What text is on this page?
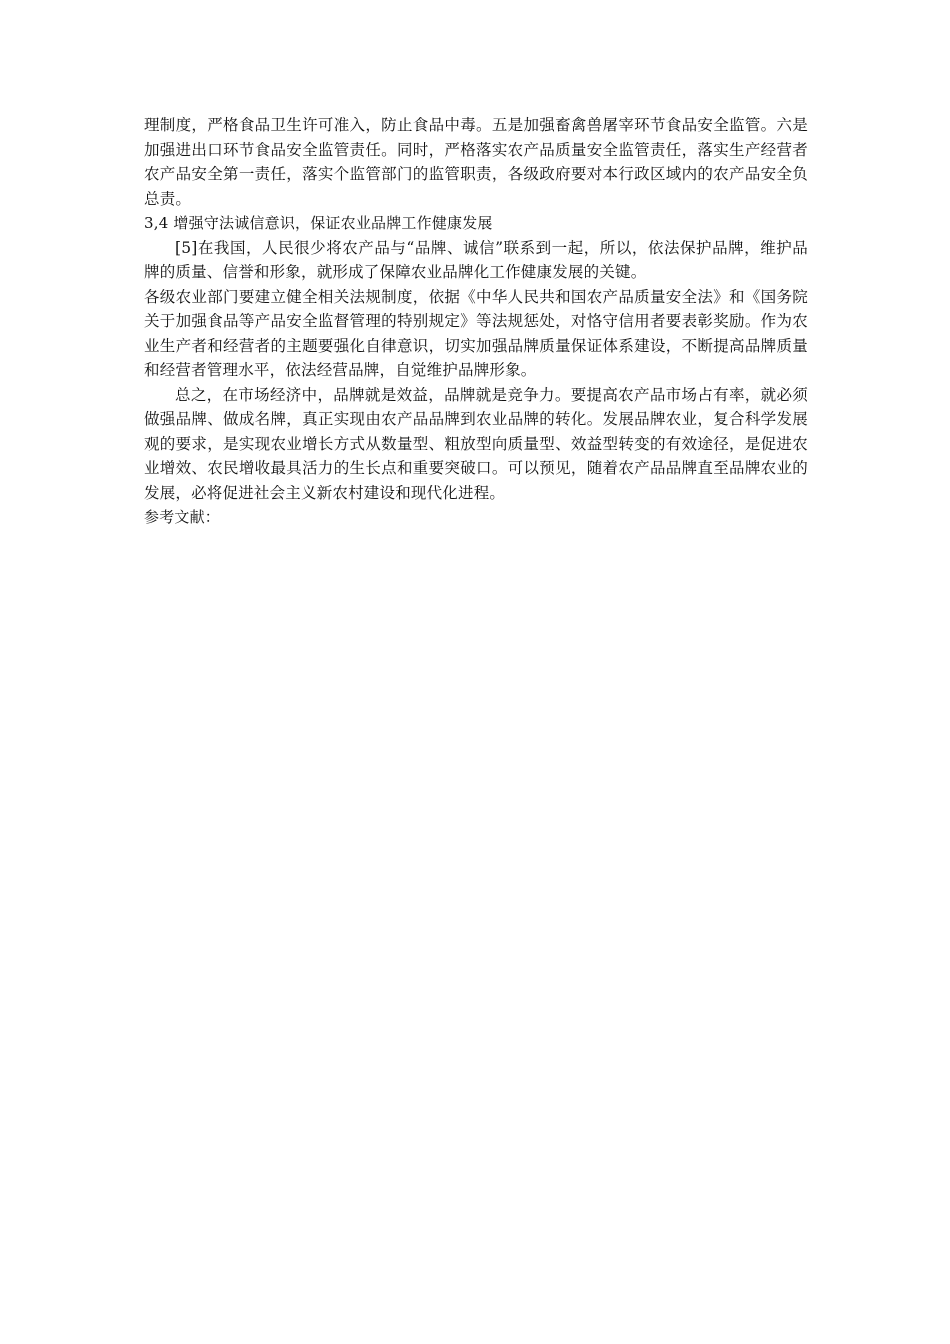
理制度，严格食品卫生许可准入，防止食品中毒。五是加强畜禽兽屠宰环节食品安全监管。六是加强进出口环节食品安全监管责任。同时，严格落实农产品质量安全监管责任，落实生产经营者农产品安全第一责任，落实个监管部门的监管职责，各级政府要对本行政区域内的农产品安全负总责。

3,4 增强守法诚信意识，保证农业品牌工作健康发展

[5]在我国，人民很少将农产品与“品牌、诚信”联系到一起，所以，依法保护品牌，维护品牌的质量、信誉和形象，就形成了保障农业品牌化工作健康发展的关键。

各级农业部门要建立健全相关法规制度，依据《中华人民共和国农产品质量安全法》和《国务院关于加强食品等产品安全监督管理的特别规定》等法规惩处，对恪守信用者要表彰奖励。作为农业生产者和经营者的主题要强化自律意识，切实加强品牌质量保证体系建设，不断提高品牌质量和经营者管理水平，依法经营品牌，自觉维护品牌形象。

总之，在市场经济中，品牌就是效益，品牌就是竞争力。要提高农产品市场占有率，就必须做强品牌、做成名牌，真正实现由农产品品牌到农业品牌的转化。发展品牌农业，复合科学发展观的要求，是实现农业增长方式从数量型、粗放型向质量型、效益型转变的有效途径，是促进农业增效、农民增收最具活力的生长点和重要突破口。可以预见，随着农产品品牌直至品牌农业的发展，必将促进社会主义新农村建设和现代化进程。

参考文献：
